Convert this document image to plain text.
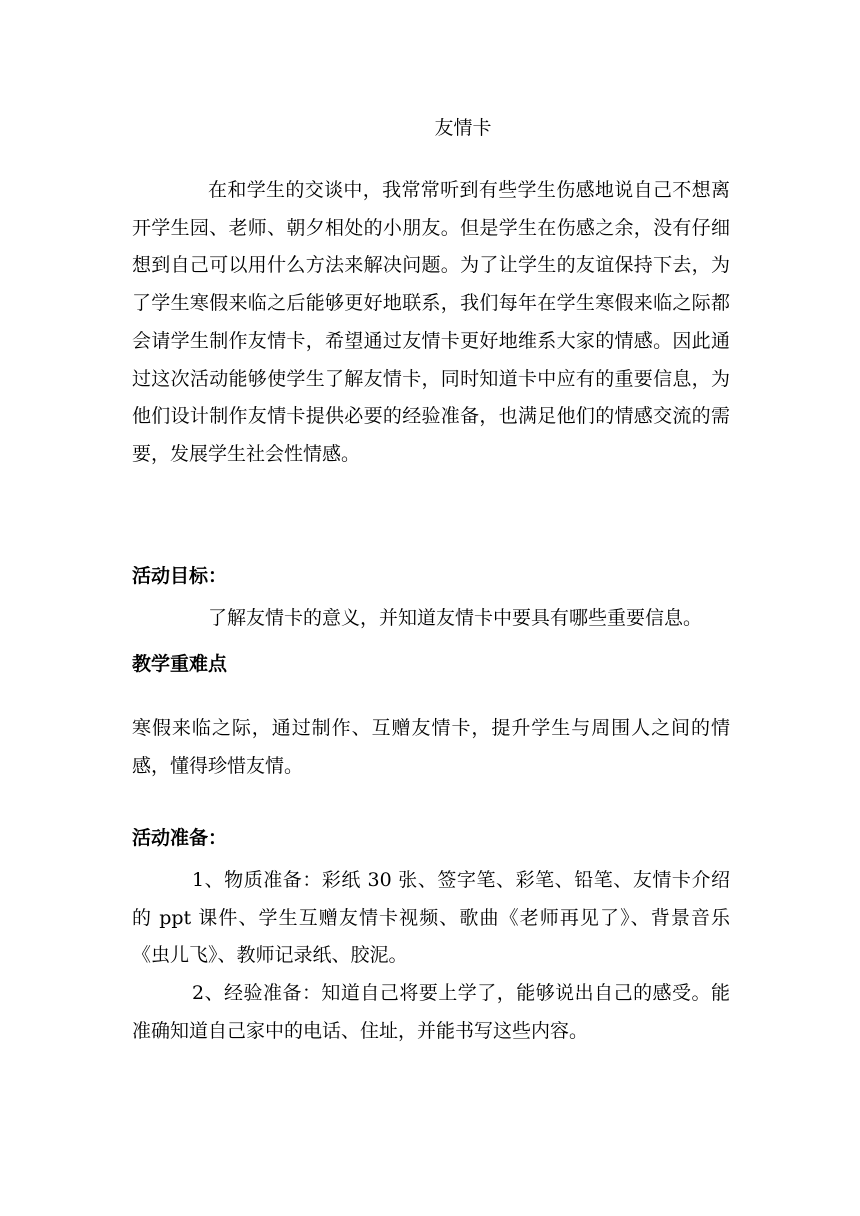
友情卡

在和学生的交谈中，我常常听到有些学生伤感地说自己不想离开学生园、老师、朝夕相处的小朋友。但是学生在伤感之余，没有仔细想到自己可以用什么方法来解决问题。为了让学生的友谊保持下去，为了学生寒假来临之后能够更好地联系，我们每年在学生寒假来临之际都会请学生制作友情卡，希望通过友情卡更好地维系大家的情感。因此通过这次活动能够使学生了解友情卡，同时知道卡中应有的重要信息，为他们设计制作友情卡提供必要的经验准备，也满足他们的情感交流的需要，发展学生社会性情感。

活动目标：

了解友情卡的意义，并知道友情卡中要具有哪些重要信息。

教学重难点

寒假来临之际，通过制作、互赠友情卡，提升学生与周围人之间的情感，懂得珍惜友情。

活动准备：

1、物质准备：彩纸 30 张、签字笔、彩笔、铅笔、友情卡介绍的 ppt 课件、学生互赠友情卡视频、歌曲《老师再见了》、背景音乐《虫儿飞》、教师记录纸、胶泥。

2、经验准备：知道自己将要上学了，能够说出自己的感受。能准确知道自己家中的电话、住址，并能书写这些内容。
